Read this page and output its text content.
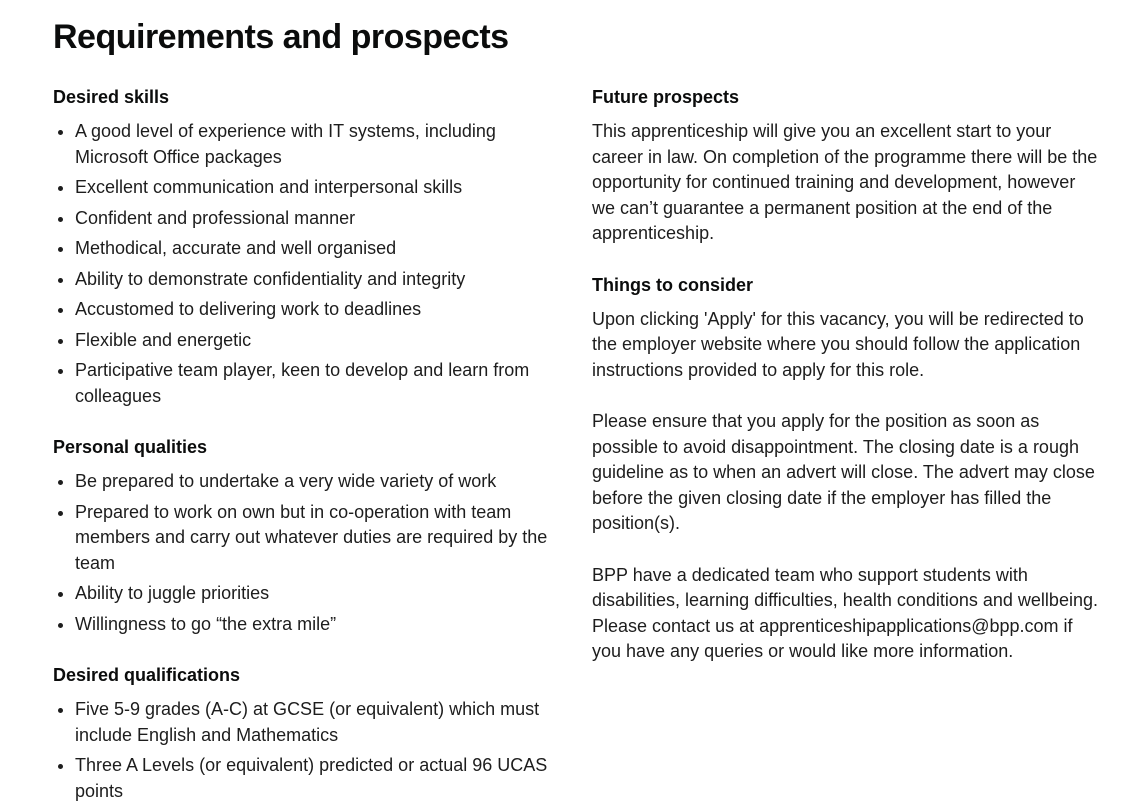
Requirements and prospects
Desired skills
• A good level of experience with IT systems, including Microsoft Office packages
• Excellent communication and interpersonal skills
• Confident and professional manner
• Methodical, accurate and well organised
• Ability to demonstrate confidentiality and integrity
• Accustomed to delivering work to deadlines
• Flexible and energetic
• Participative team player, keen to develop and learn from colleagues
Personal qualities
• Be prepared to undertake a very wide variety of work
• Prepared to work on own but in co-operation with team members and carry out whatever duties are required by the team
• Ability to juggle priorities
• Willingness to go “the extra mile”
Desired qualifications
• Five 5-9 grades (A-C) at GCSE (or equivalent) which must include English and Mathematics
• Three A Levels (or equivalent) predicted or actual 96 UCAS points
Future prospects

This apprenticeship will give you an excellent start to your career in law. On completion of the programme there will be the opportunity for continued training and development, however we can’t guarantee a permanent position at the end of the apprenticeship.

Things to consider

Upon clicking 'Apply' for this vacancy, you will be redirected to the employer website where you should follow the application instructions provided to apply for this role.

Please ensure that you apply for the position as soon as possible to avoid disappointment. The closing date is a rough guideline as to when an advert will close. The advert may close before the given closing date if the employer has filled the position(s).

BPP have a dedicated team who support students with disabilities, learning difficulties, health conditions and wellbeing. Please contact us at apprenticeshipapplications@bpp.com if you have any queries or would like more information.
